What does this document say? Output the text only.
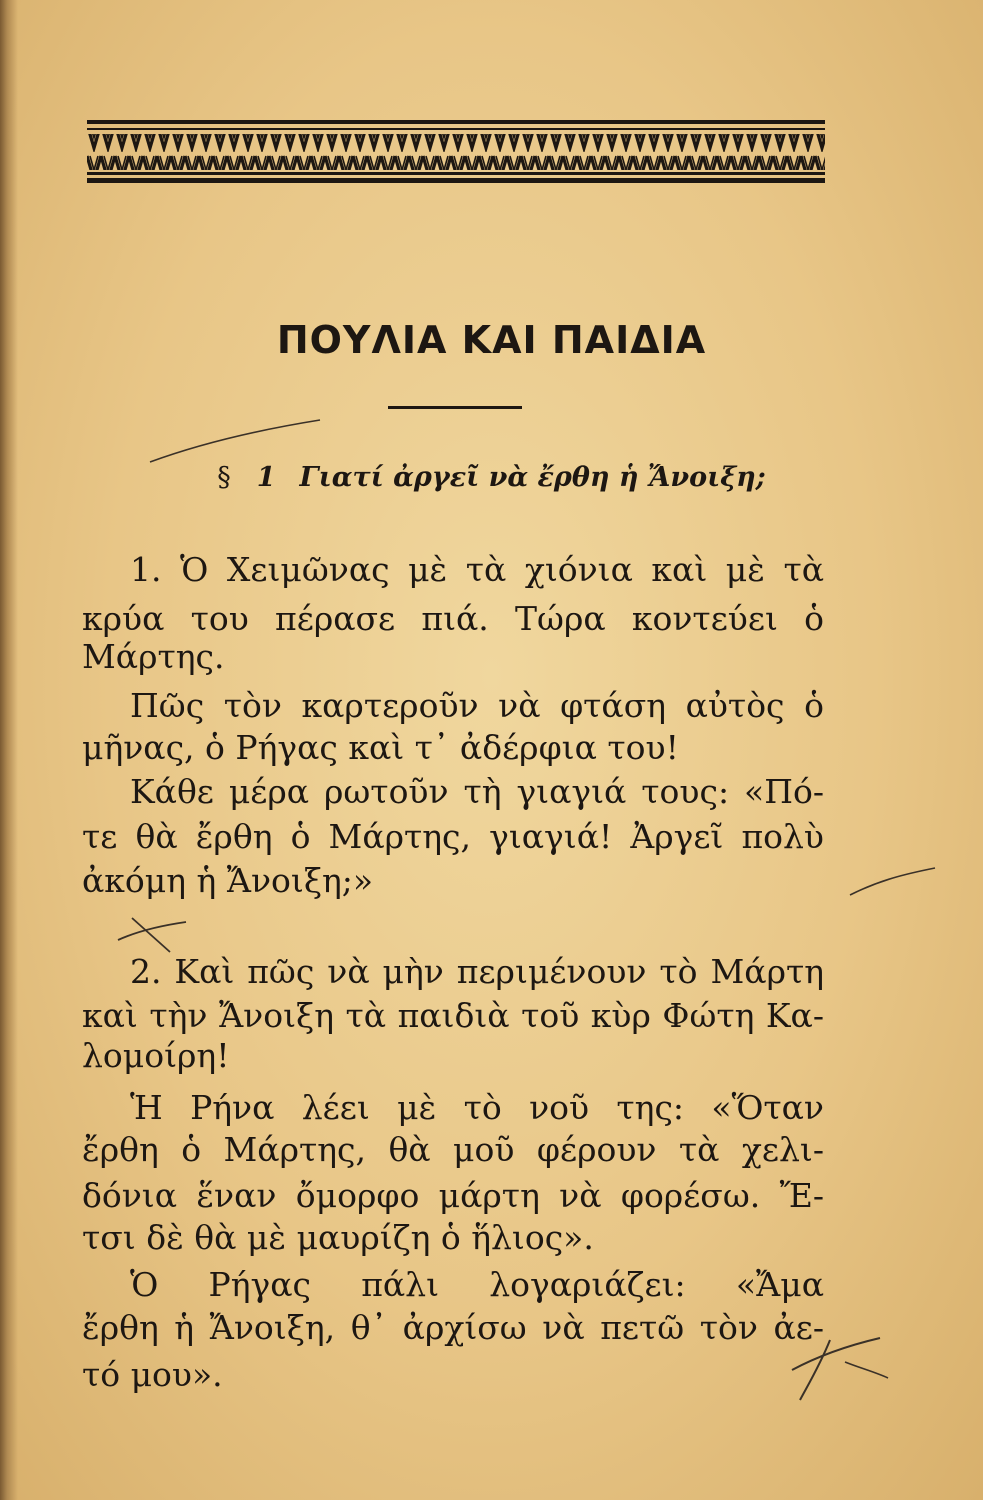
ΠΟΥΛΙΑ ΚΑΙ ΠΑΙΔΙΑ

§ 1 Γιατί ἀργεῖ νὰ ἔρθη ἡ Ἄνοιξη;

1. Ὁ Χειμῶνας μὲ τὰ χιόνια καὶ μὲ τὰ

κρύα του πέρασε πιά. Τώρα κοντεύει ὁ

Μάρτης.

Πῶς τὸν καρτεροῦν νὰ φτάση αὐτὸς ὁ

μῆνας, ὁ Ρήγας καὶ τ᾽ ἀδέρφια του!

Κάθε μέρα ρωτοῦν τὴ γιαγιά τους: «Πό-

τε θὰ ἔρθη ὁ Μάρτης, γιαγιά! Ἀργεῖ πολὺ

ἀκόμη ἡ Ἄνοιξη;»

2. Καὶ πῶς νὰ μὴν περιμένουν τὸ Μάρτη

καὶ τὴν Ἄνοιξη τὰ παιδιὰ τοῦ κὺρ Φώτη Κα-

λομοίρη!

Ἡ Ρήνα λέει μὲ τὸ νοῦ της: «Ὅταν

ἔρθη ὁ Μάρτης, θὰ μοῦ φέρουν τὰ χελι-

δόνια ἕναν ὄμορφο μάρτη νὰ φορέσω. Ἔ-

τσι δὲ θὰ μὲ μαυρίζη ὁ ἥλιος».

Ὁ Ρήγας πάλι λογαριάζει: «Ἄμα

ἔρθη ἡ Ἄνοιξη, θ᾽ ἀρχίσω νὰ πετῶ τὸν ἀε-

τό μου».
